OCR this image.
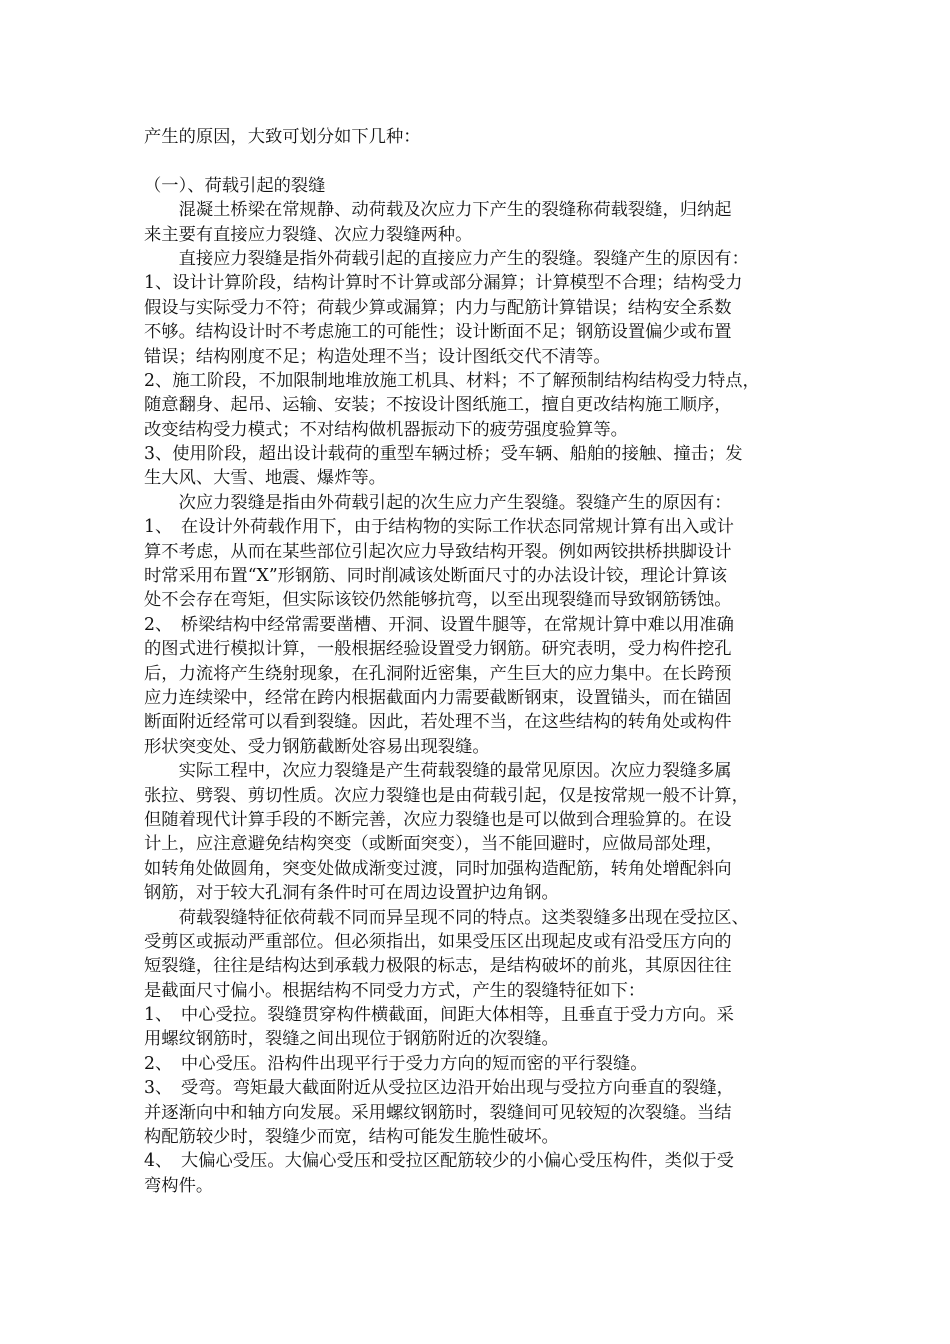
产生的原因，大致可划分如下几种：
（一）、荷载引起的裂缝
　　混凝土桥梁在常规静、动荷载及次应力下产生的裂缝称荷载裂缝，归纳起
来主要有直接应力裂缝、次应力裂缝两种。
　　直接应力裂缝是指外荷载引起的直接应力产生的裂缝。裂缝产生的原因有：
1、设计计算阶段，结构计算时不计算或部分漏算；计算模型不合理；结构受力
假设与实际受力不符；荷载少算或漏算；内力与配筋计算错误；结构安全系数
不够。结构设计时不考虑施工的可能性；设计断面不足；钢筋设置偏少或布置
错误；结构刚度不足；构造处理不当；设计图纸交代不清等。
2、施工阶段，不加限制地堆放施工机具、材料；不了解预制结构结构受力特点，
随意翻身、起吊、运输、安装；不按设计图纸施工，擅自更改结构施工顺序，
改变结构受力模式；不对结构做机器振动下的疲劳强度验算等。
3、使用阶段，超出设计载荷的重型车辆过桥；受车辆、船舶的接触、撞击；发
生大风、大雪、地震、爆炸等。
　　次应力裂缝是指由外荷载引起的次生应力产生裂缝。裂缝产生的原因有：
1、　在设计外荷载作用下，由于结构物的实际工作状态同常规计算有出入或计
算不考虑，从而在某些部位引起次应力导致结构开裂。例如两铰拱桥拱脚设计
时常采用布置“X”形钢筋、同时削减该处断面尺寸的办法设计铰，理论计算该
处不会存在弯矩，但实际该铰仍然能够抗弯，以至出现裂缝而导致钢筋锈蚀。
2、　桥梁结构中经常需要凿槽、开洞、设置牛腿等，在常规计算中难以用准确
的图式进行模拟计算，一般根据经验设置受力钢筋。研究表明，受力构件挖孔
后，力流将产生绕射现象，在孔洞附近密集，产生巨大的应力集中。在长跨预
应力连续梁中，经常在跨内根据截面内力需要截断钢束，设置锚头，而在锚固
断面附近经常可以看到裂缝。因此，若处理不当，在这些结构的转角处或构件
形状突变处、受力钢筋截断处容易出现裂缝。
　　实际工程中，次应力裂缝是产生荷载裂缝的最常见原因。次应力裂缝多属
张拉、劈裂、剪切性质。次应力裂缝也是由荷载引起，仅是按常规一般不计算，
但随着现代计算手段的不断完善，次应力裂缝也是可以做到合理验算的。在设
计上，应注意避免结构突变（或断面突变），当不能回避时，应做局部处理，
如转角处做圆角，突变处做成渐变过渡，同时加强构造配筋，转角处增配斜向
钢筋，对于较大孔洞有条件时可在周边设置护边角钢。
　　荷载裂缝特征依荷载不同而异呈现不同的特点。这类裂缝多出现在受拉区、
受剪区或振动严重部位。但必须指出，如果受压区出现起皮或有沿受压方向的
短裂缝，往往是结构达到承载力极限的标志，是结构破坏的前兆，其原因往往
是截面尺寸偏小。根据结构不同受力方式，产生的裂缝特征如下：
1、　中心受拉。裂缝贯穿构件横截面，间距大体相等，且垂直于受力方向。采
用螺纹钢筋时，裂缝之间出现位于钢筋附近的次裂缝。
2、　中心受压。沿构件出现平行于受力方向的短而密的平行裂缝。
3、　受弯。弯矩最大截面附近从受拉区边沿开始出现与受拉方向垂直的裂缝，
并逐渐向中和轴方向发展。采用螺纹钢筋时，裂缝间可见较短的次裂缝。当结
构配筋较少时，裂缝少而宽，结构可能发生脆性破坏。
4、　大偏心受压。大偏心受压和受拉区配筋较少的小偏心受压构件，类似于受
弯构件。
